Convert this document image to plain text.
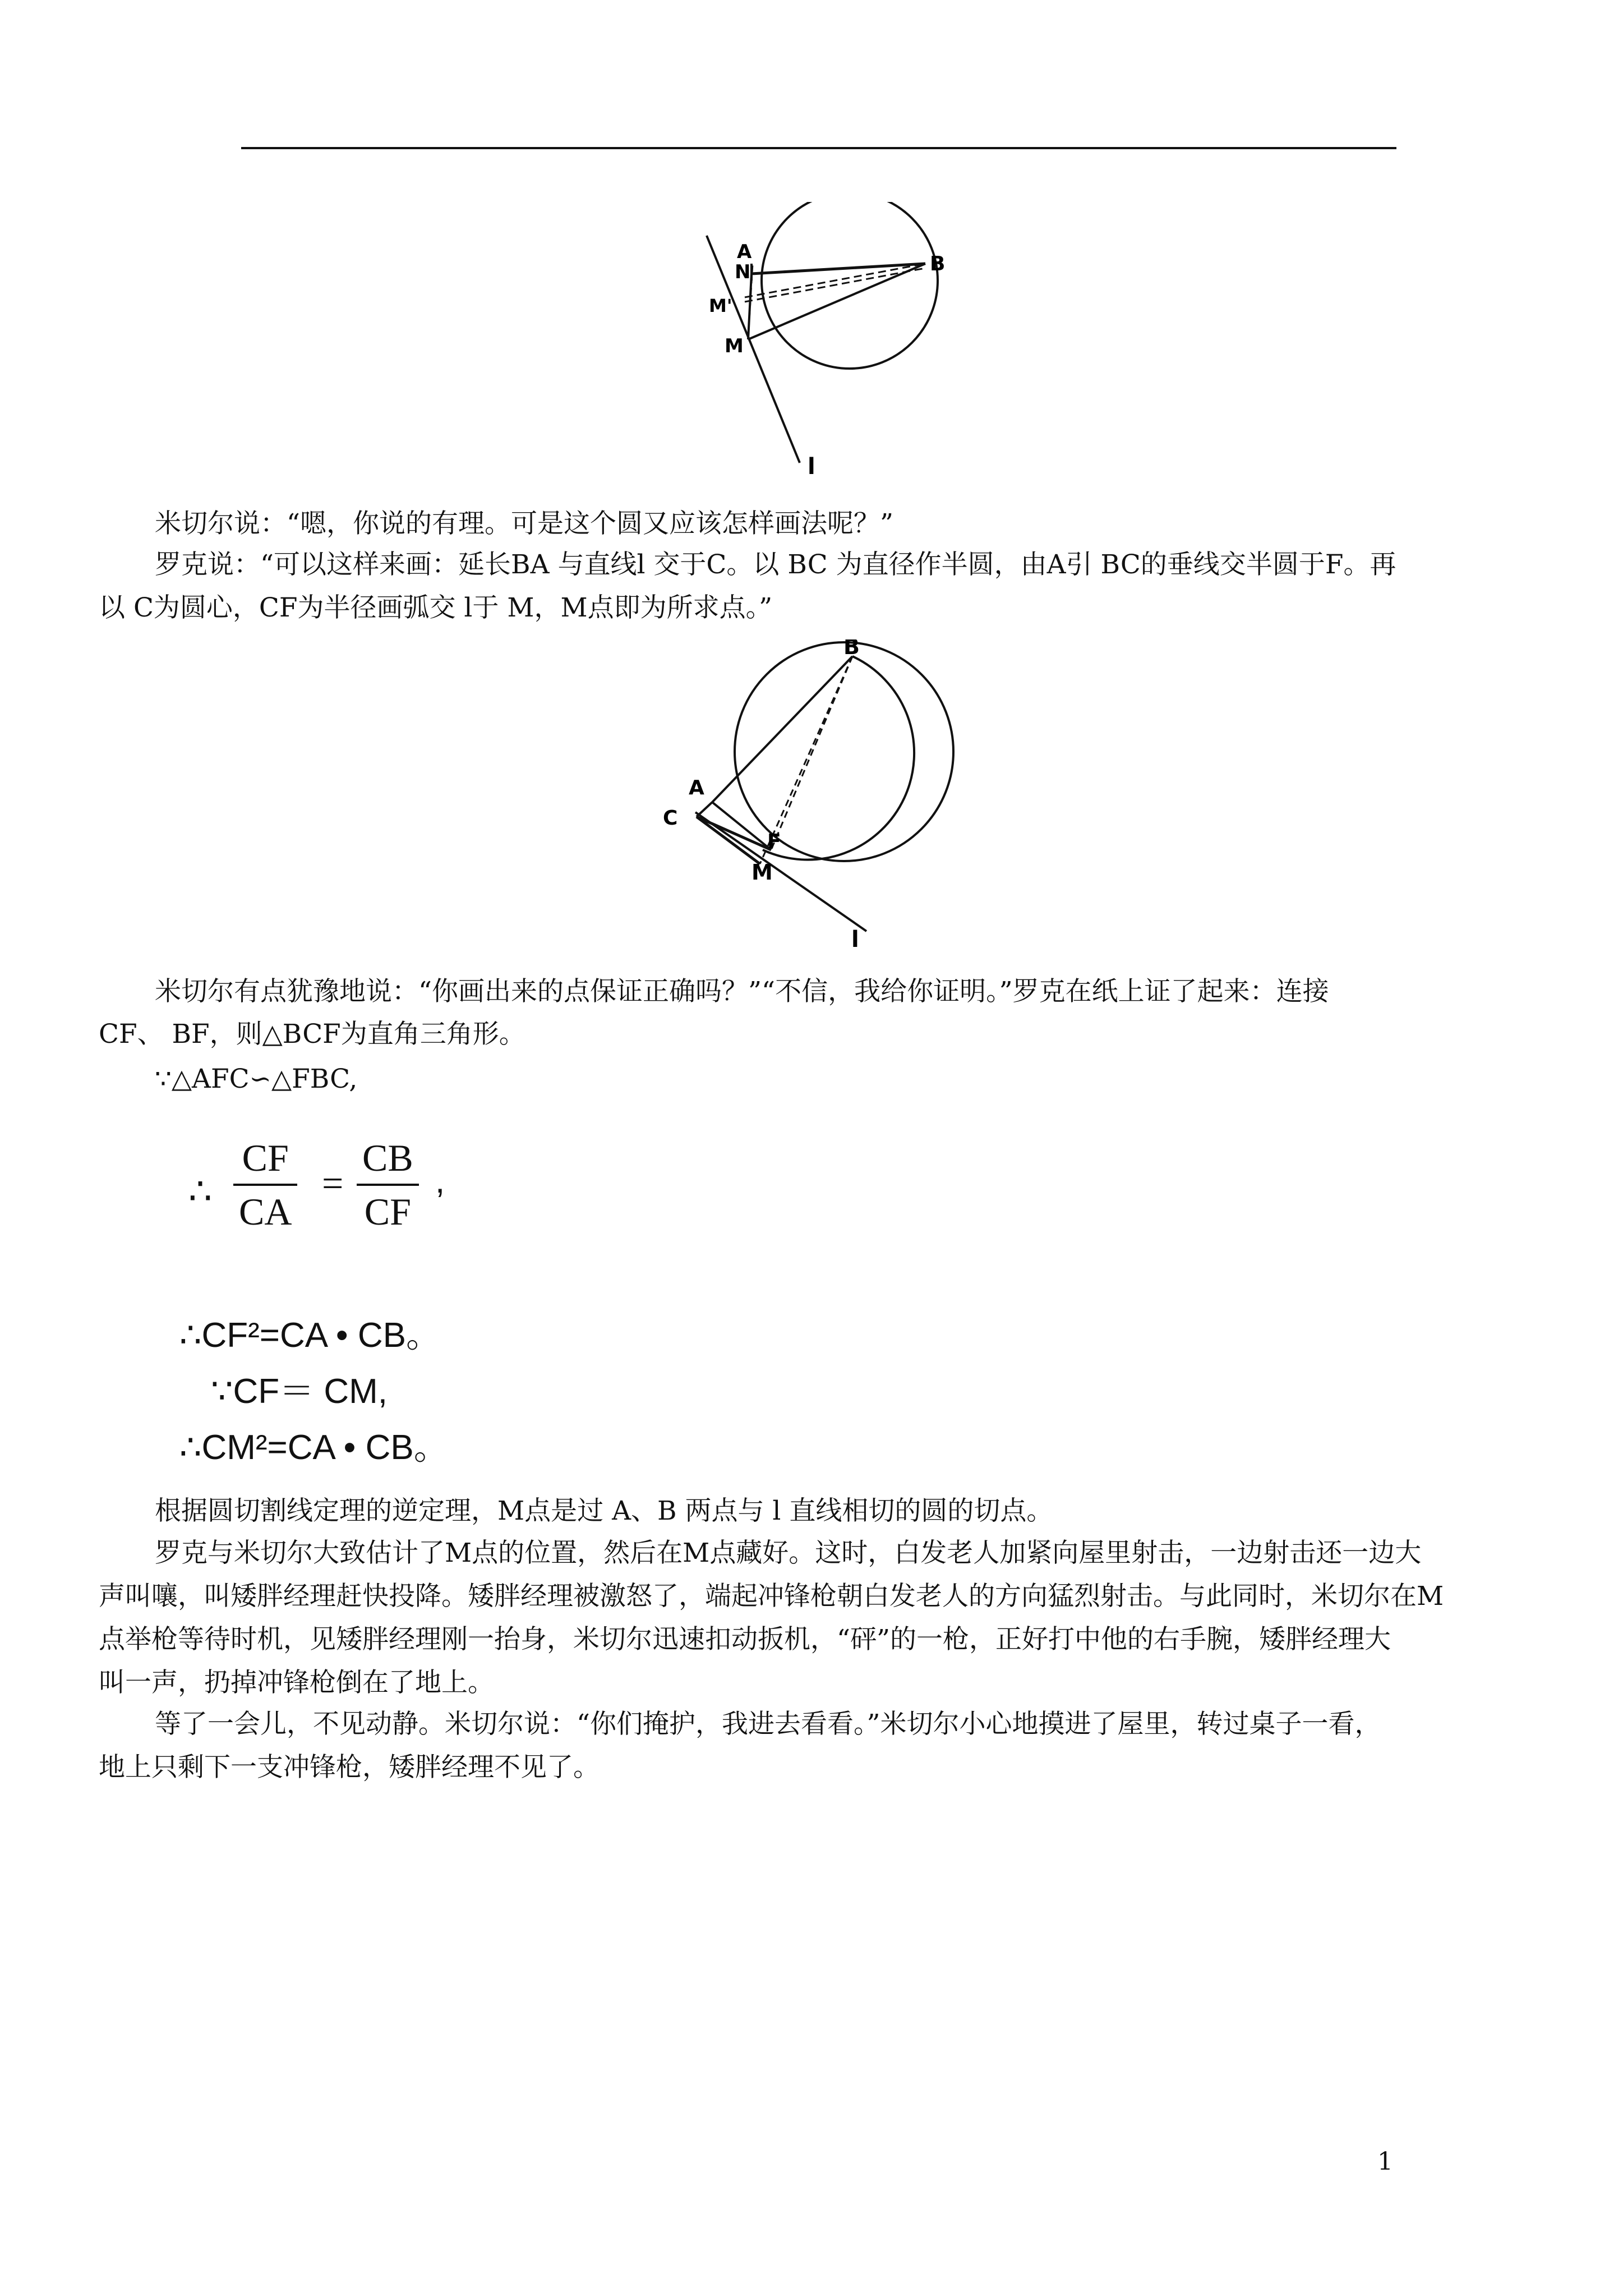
A
N	B
M'
M
l

米切尔说：“嗯，你说的有理。可是这个圆又应该怎样画法呢？”

罗克说：“可以这样来画：延长BA 与直线l 交于C。以 BC 为直径作半圆，由A引 BC的垂线交半圆于F。再

以 C为圆心，CF为半径画弧交 l于 M，M点即为所求点。”

B
A
C
F
M
l

米切尔有点犹豫地说：“你画出来的点保证正确吗？”“不信，我给你证明。”罗克在纸上证了起来：连接

CF、 BF，则△BCF为直角三角形。

∵△AFC∽△FBC,

∴
CF
CA
=
CB
CF
,
∴CF²=CA • CB。
∵CF＝ CM,
∴CM²=CA • CB。

根据圆切割线定理的逆定理，M点是过 A、B 两点与 l 直线相切的圆的切点。

罗克与米切尔大致估计了M点的位置，然后在M点藏好。这时，白发老人加紧向屋里射击，一边射击还一边大

声叫嚷，叫矮胖经理赶快投降。矮胖经理被激怒了，端起冲锋枪朝白发老人的方向猛烈射击。与此同时，米切尔在M

点举枪等待时机，见矮胖经理刚一抬身，米切尔迅速扣动扳机，“砰”的一枪，正好打中他的右手腕，矮胖经理大

叫一声，扔掉冲锋枪倒在了地上。

等了一会儿，不见动静。米切尔说：“你们掩护，我进去看看。”米切尔小心地摸进了屋里，转过桌子一看，

地上只剩下一支冲锋枪，矮胖经理不见了。

1
